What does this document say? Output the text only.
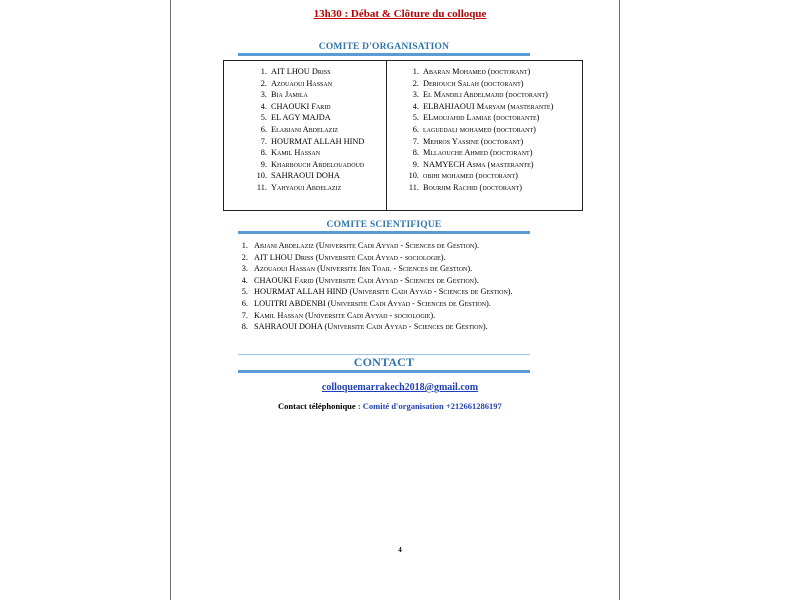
13h30 : Débat & Clôture du colloque
COMITE D'ORGANISATION
1. AIT LHOU Driss
2. Azouaoui Hassan
3. Bia Jamila
4. CHAOUKI Farid
5. EL AGY MAJDA
6. Elabjani Abdelaziz
7. HOURMAT ALLAH HIND
8. Kamil Hassan
9. Kharbouch Abdelouadoud
10. SAHRAOUI DOHA
11. Yahyaoui Abdelaziz
1. Abaran Mohamed (doctorant)
2. Deriouch Salah (doctorant)
3. El Mandili Abdelmajid (doctorant)
4. ELBAHJAOUI Maryam (masterante)
5. ELmoujahid Lamiae (doctorante)
6. laguedali mohamed (doctorant)
7. Mehros Yassine (doctorant)
8. Mllaouche Ahmed (doctorant)
9. NAMYECH Asma (masterante)
10. obihi mohamed (doctorant)
11. Bourjim Rachid (doctorant)
COMITE SCIENTIFIQUE
1. Abjani Abdelaziz (Universite Cadi Ayyad - Sciences de Gestion).
2. AIT LHOU Driss (Universite Cadi Ayyad - sociologie).
3. Azouaoui Hassan (Universite Ibn Toail - Sciences de Gestion).
4. CHAOUKI Farid (Universite Cadi Ayyad - Sciences de Gestion).
5. HOURMAT ALLAH HIND (Universite Cadi Ayyad - Sciences de Gestion).
6. LOUITRI ABDENBI (Universite Cadi Ayyad - Sciences de Gestion).
7. Kamil Hassan (Universite Cadi Ayyad - sociologie).
8. SAHRAOUI DOHA (Universite Cadi Ayyad - Sciences de Gestion).
CONTACT
colloquemarrakech2018@gmail.com
Contact téléphonique : Comité d'organisation +212661286197
4
